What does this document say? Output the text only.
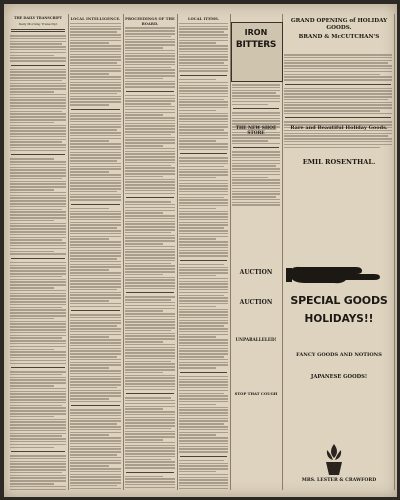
THE DAILY TRANSCRIPT
Daily Morning Transcript
LOCAL INTELLIGENCE.	PROCEEDINGS OF THE BOARD.
LOCAL ITEMS.
IRON
BITTERS
THE NEW SHOE STORE
AUCTION
AUCTION
UNPARALLELED!
STOP THAT COUGH
GRAND OPENING of HOLIDAY GOODS.
BRAND & McCUTCHAN'S
Rare and Beautiful Holiday Goods.
EMIL ROSENTHAL.
SPECIAL GOODS
HOLIDAYS!!
FANCY GOODS AND NOTIONS
JAPANESE GOODS!
MRS. LESTER & CRAWFORD
